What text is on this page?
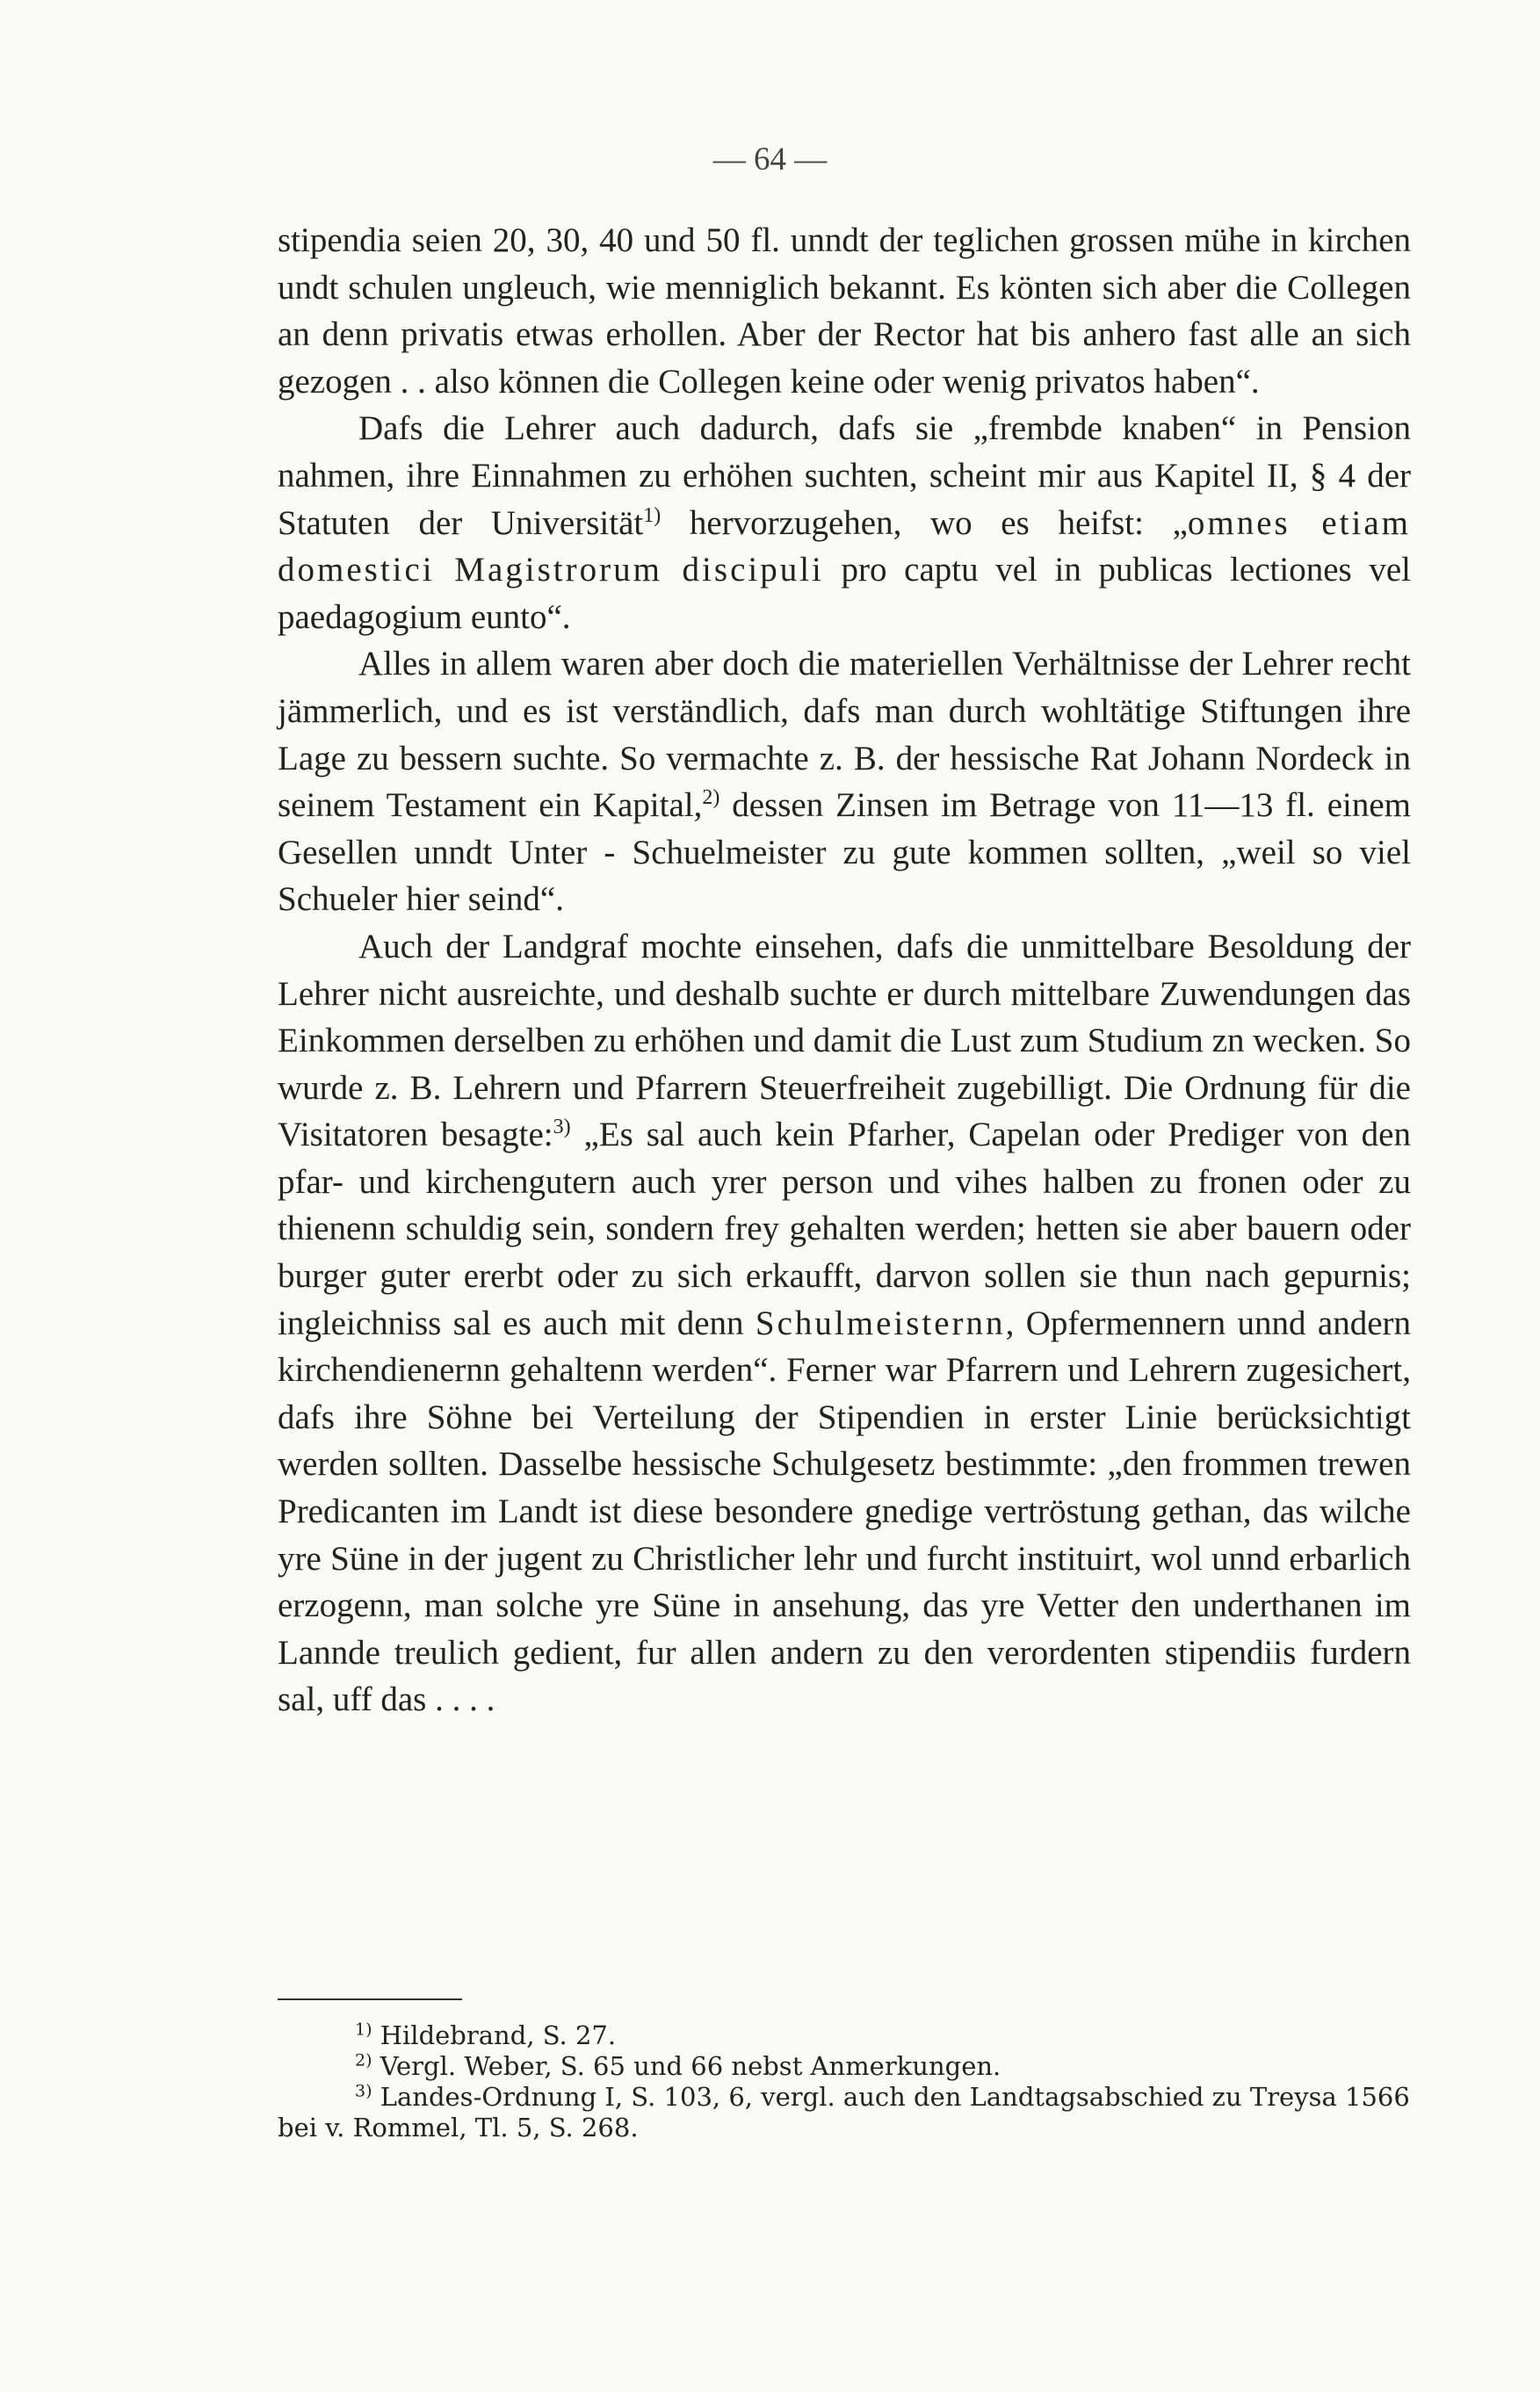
— 64 —

stipendia seien 20, 30, 40 und 50 fl. unndt der teglichen grossen mühe in kirchen undt schulen ungleuch, wie menniglich bekannt. Es könten sich aber die Collegen an denn privatis etwas erhollen. Aber der Rector hat bis anhero fast alle an sich gezogen . . also können die Collegen keine oder wenig privatos haben“.

Dafs die Lehrer auch dadurch, dafs sie „frembde knaben“ in Pension nahmen, ihre Einnahmen zu erhöhen suchten, scheint mir aus Kapitel II, § 4 der Statuten der Universität$^{1)}$ hervorzugehen, wo es heifst: „omnes etiam domestici Magistrorum discipuli pro captu vel in publicas lectiones vel paedagogium eunto“.

Alles in allem waren aber doch die materiellen Verhältnisse der Lehrer recht jämmerlich, und es ist verständlich, dafs man durch wohltätige Stiftungen ihre Lage zu bessern suchte. So vermachte z. B. der hessische Rat Johann Nordeck in seinem Testament ein Kapital,$^{2)}$ dessen Zinsen im Betrage von 11—13 fl. einem Gesellen unndt Unter - Schuelmeister zu gute kommen sollten, „weil so viel Schueler hier seind“.

Auch der Landgraf mochte einsehen, dafs die unmittelbare Besoldung der Lehrer nicht ausreichte, und deshalb suchte er durch mittelbare Zuwendungen das Einkommen derselben zu erhöhen und damit die Lust zum Studium zn wecken. So wurde z. B. Lehrern und Pfarrern Steuerfreiheit zugebilligt. Die Ordnung für die Visitatoren besagte:$^{3)}$ „Es sal auch kein Pfarher, Capelan oder Prediger von den pfar- und kirchengutern auch yrer person und vihes halben zu fronen oder zu thienenn schuldig sein, sondern frey gehalten werden; hetten sie aber bauern oder burger guter ererbt oder zu sich erkaufft, darvon sollen sie thun nach gepurnis; ingleichniss sal es auch mit denn Schulmeisternn, Opfermennern unnd andern kirchendienernn gehaltenn werden“. Ferner war Pfarrern und Lehrern zugesichert, dafs ihre Söhne bei Verteilung der Stipendien in erster Linie berücksichtigt werden sollten. Dasselbe hessische Schulgesetz bestimmte: „den frommen trewen Predicanten im Landt ist diese besondere gnedige vertröstung gethan, das wilche yre Süne in der jugent zu Christlicher lehr und furcht instituirt, wol unnd erbarlich erzogenn, man solche yre Süne in ansehung, das yre Vetter den underthanen im Lannde treulich gedient, fur allen andern zu den verordenten stipendiis furdern sal, uff das . . . .

$^{1)}$ Hildebrand, S. 27.

$^{2)}$ Vergl. Weber, S. 65 und 66 nebst Anmerkungen.

$^{3)}$ Landes-Ordnung I, S. 103, 6, vergl. auch den Landtagsabschied zu Treysa 1566 bei v. Rommel, Tl. 5, S. 268.
